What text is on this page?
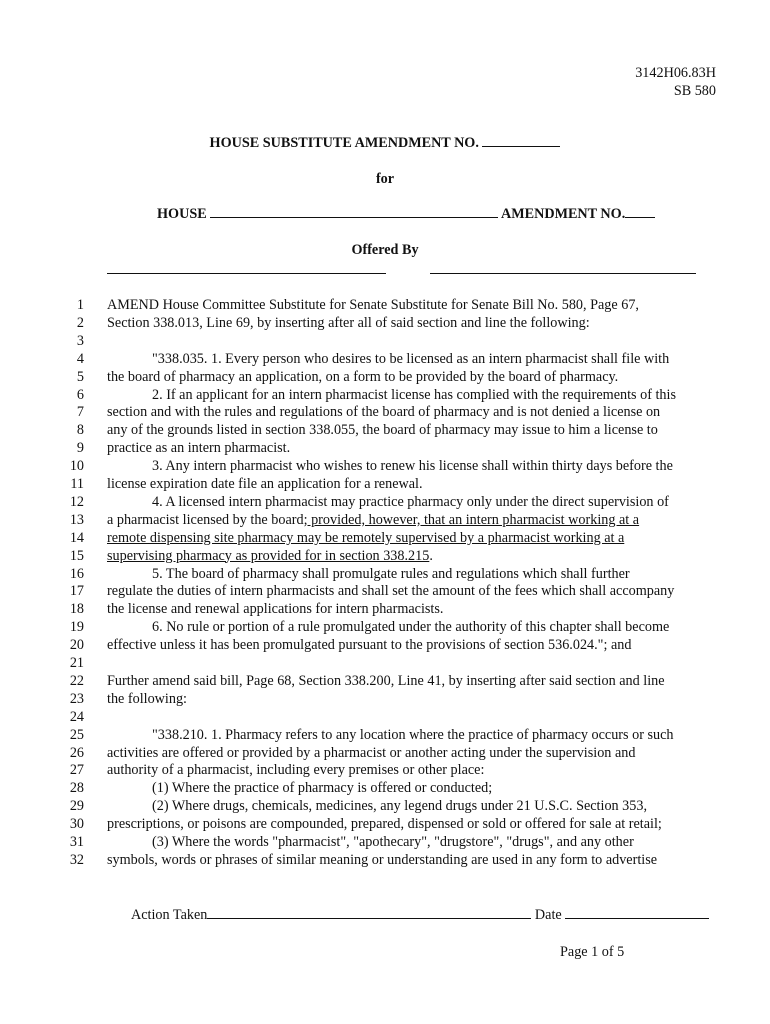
3142H06.83H
SB 580
HOUSE SUBSTITUTE AMENDMENT NO.
for
HOUSE	AMENDMENT NO.
Offered By
1 AMEND House Committee Substitute for Senate Substitute for Senate Bill No. 580, Page 67,
2 Section 338.013, Line 69, by inserting after all of said section and line the following:
3
4	"338.035. 1. Every person who desires to be licensed as an intern pharmacist shall file with
5 the board of pharmacy an application, on a form to be provided by the board of pharmacy.
6	2. If an applicant for an intern pharmacist license has complied with the requirements of this
7 section and with the rules and regulations of the board of pharmacy and is not denied a license on
8 any of the grounds listed in section 338.055, the board of pharmacy may issue to him a license to
9 practice as an intern pharmacist.
10	3. Any intern pharmacist who wishes to renew his license shall within thirty days before the
11 license expiration date file an application for a renewal.
12	4. A licensed intern pharmacist may practice pharmacy only under the direct supervision of
13 a pharmacist licensed by the board; provided, however, that an intern pharmacist working at a
14 remote dispensing site pharmacy may be remotely supervised by a pharmacist working at a
15 supervising pharmacy as provided for in section 338.215.
16	5. The board of pharmacy shall promulgate rules and regulations which shall further
17 regulate the duties of intern pharmacists and shall set the amount of the fees which shall accompany
18 the license and renewal applications for intern pharmacists.
19	6. No rule or portion of a rule promulgated under the authority of this chapter shall become
20 effective unless it has been promulgated pursuant to the provisions of section 536.024."; and
21
22 Further amend said bill, Page 68, Section 338.200, Line 41, by inserting after said section and line
23 the following:
24
25	"338.210. 1. Pharmacy refers to any location where the practice of pharmacy occurs or such
26 activities are offered or provided by a pharmacist or another acting under the supervision and
27 authority of a pharmacist, including every premises or other place:
28	(1) Where the practice of pharmacy is offered or conducted;
29	(2) Where drugs, chemicals, medicines, any legend drugs under 21 U.S.C. Section 353,
30 prescriptions, or poisons are compounded, prepared, dispensed or sold or offered for sale at retail;
31	(3) Where the words "pharmacist", "apothecary", "drugstore", "drugs", and any other
32 symbols, words or phrases of similar meaning or understanding are used in any form to advertise
Action Taken	Date
Page 1 of 5
